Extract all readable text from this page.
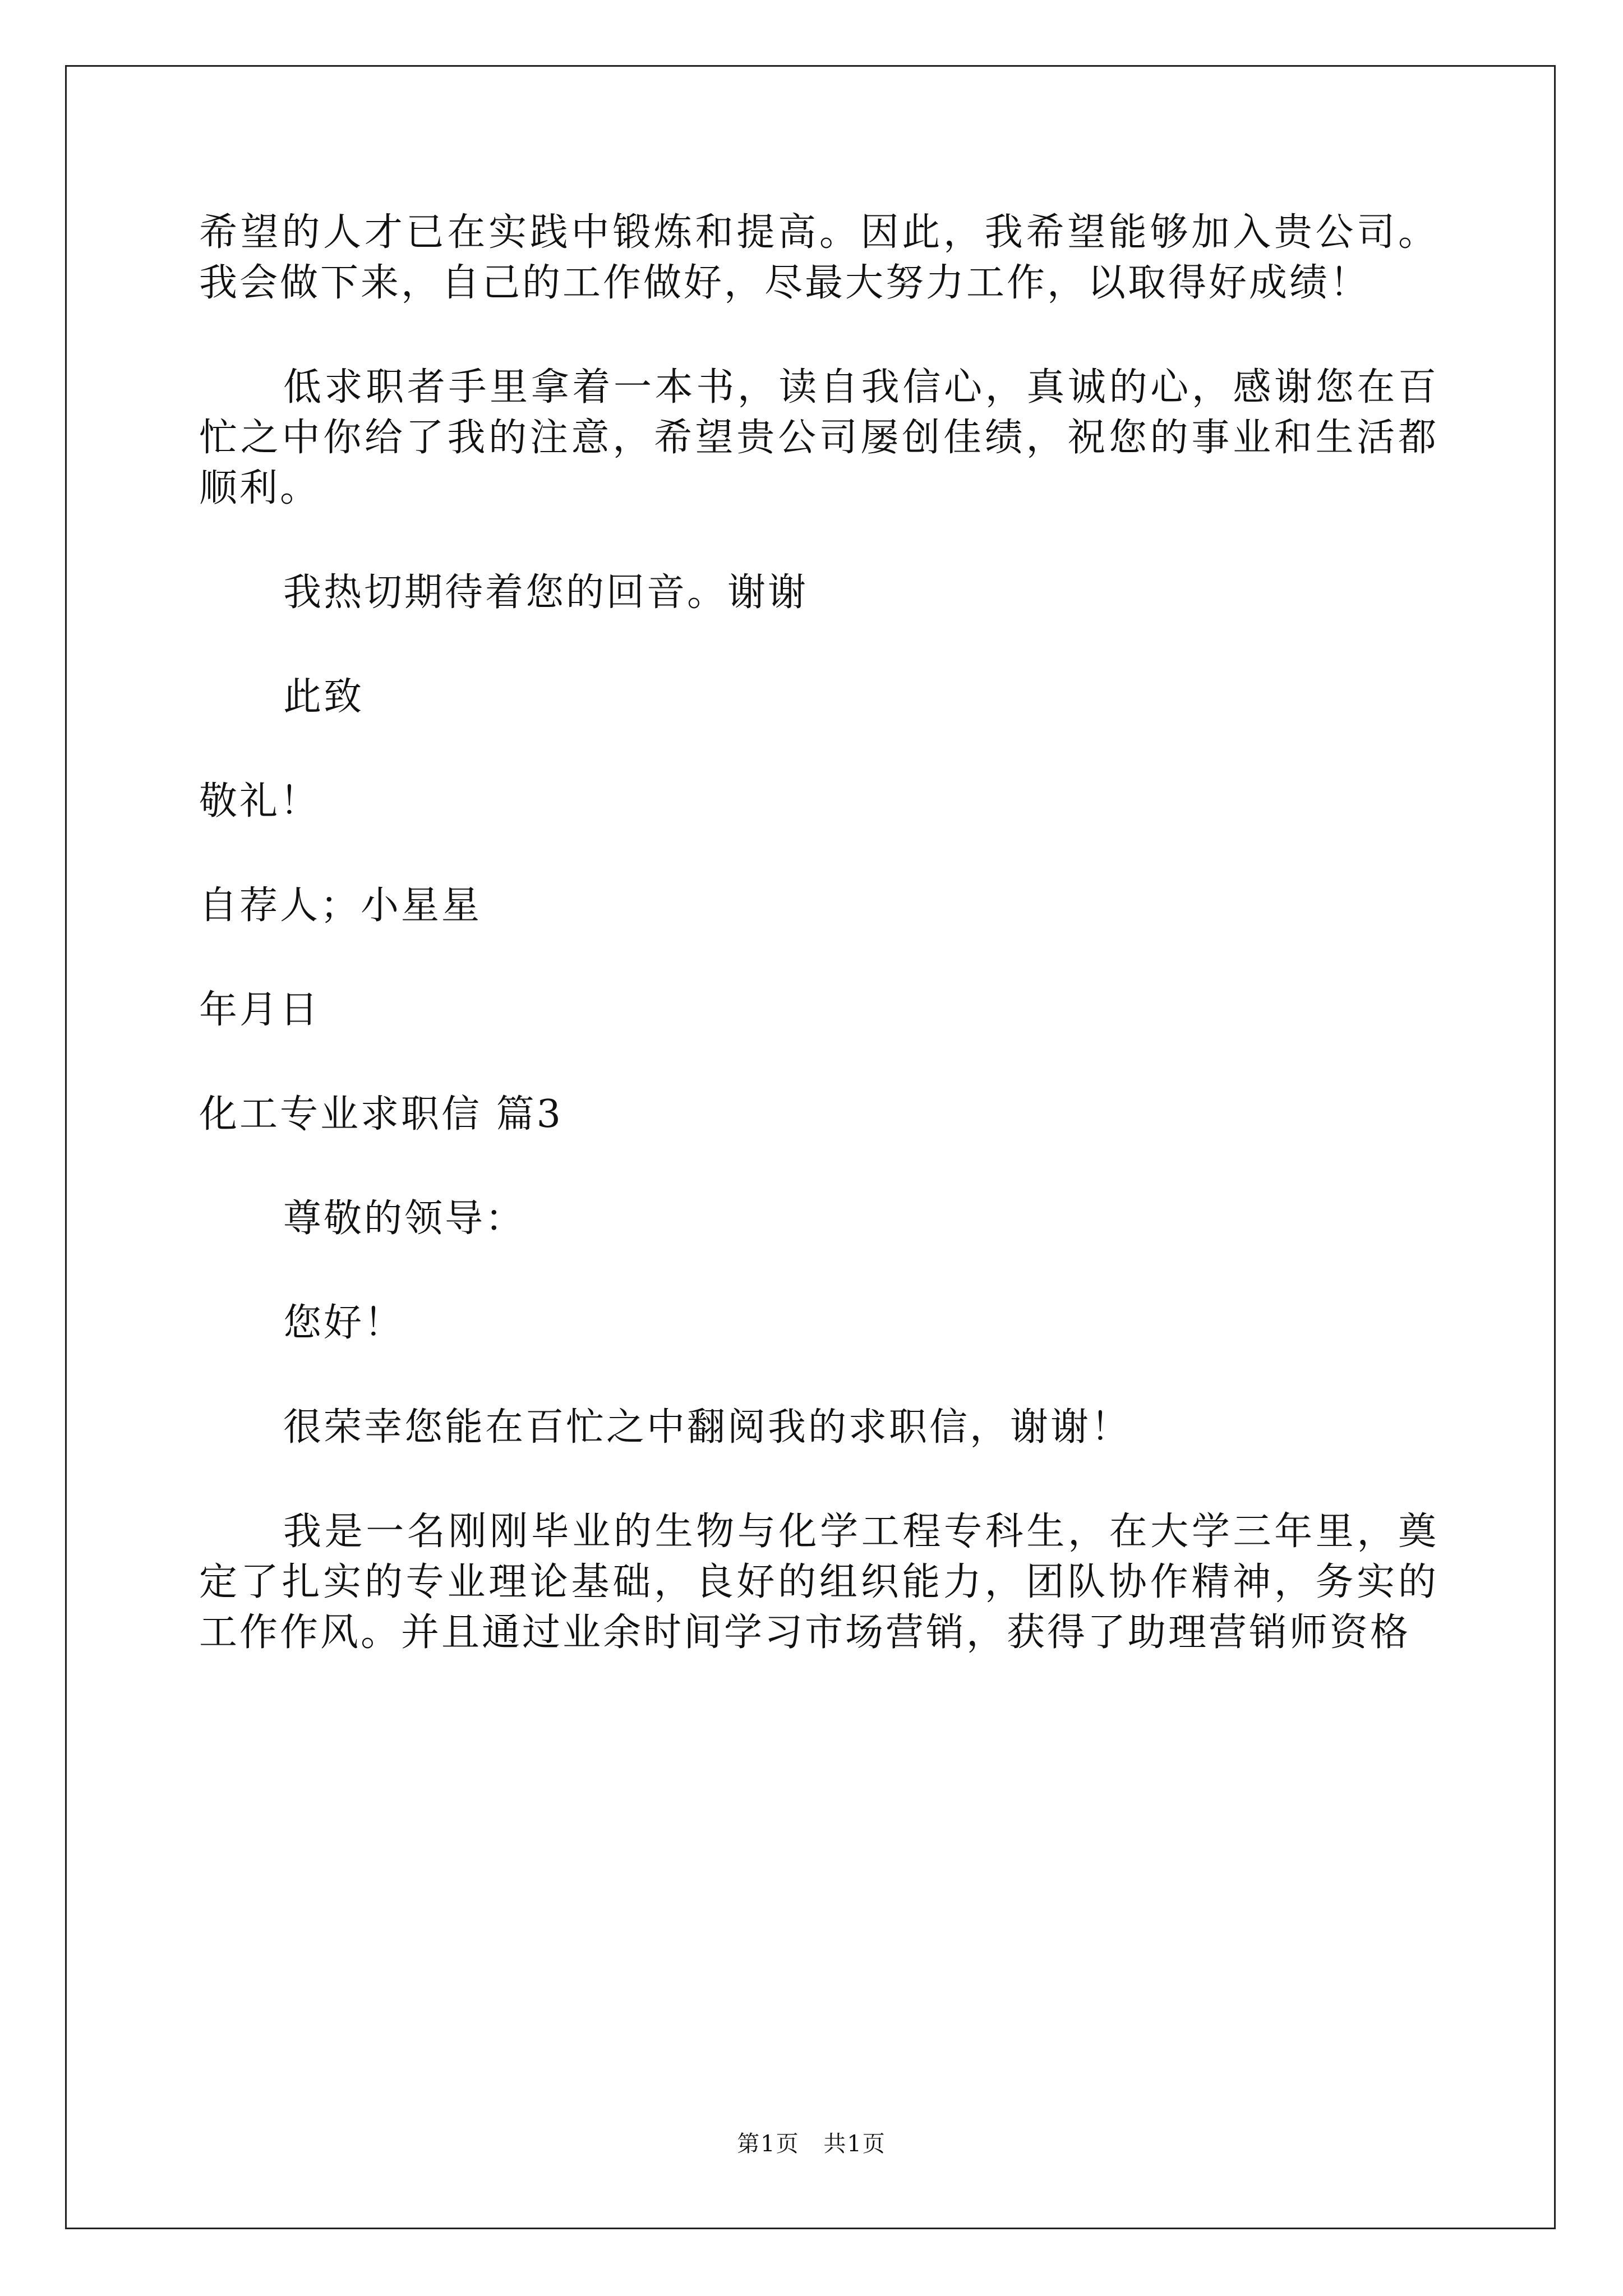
希望的人才已在实践中锻炼和提高。因此，我希望能够加入贵公司。我会做下来，自己的工作做好，尽最大努力工作，以取得好成绩！

低求职者手里拿着一本书，读自我信心，真诚的心，感谢您在百忙之中你给了我的注意，希望贵公司屡创佳绩，祝您的事业和生活都顺利。

我热切期待着您的回音。谢谢

此致

敬礼！

自荐人；小星星

年月日

化工专业求职信 篇3

尊敬的领导：

您好！

很荣幸您能在百忙之中翻阅我的求职信，谢谢！

我是一名刚刚毕业的生物与化学工程专科生，在大学三年里，奠定了扎实的专业理论基础，良好的组织能力，团队协作精神，务实的工作作风。并且通过业余时间学习市场营销，获得了助理营销师资格

第1页 共1页
